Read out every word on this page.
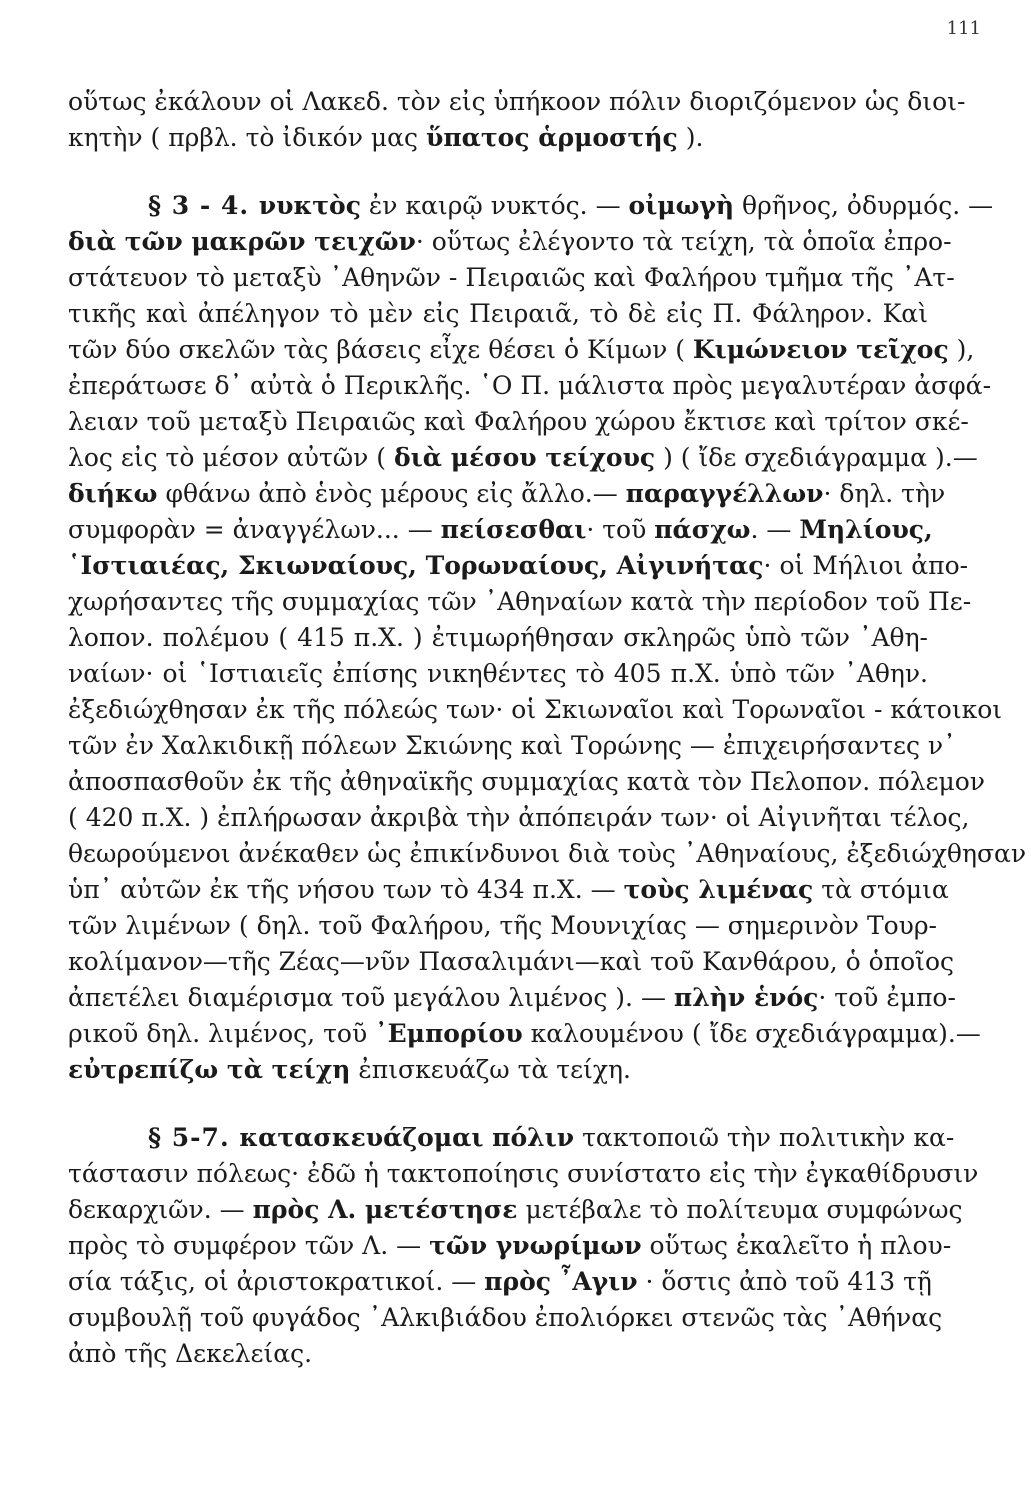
111
οὕτως ἐκάλουν οἱ Λακεδ. τὸν εἰς ὑπήκοον πόλιν διοριζόμενον ὡς διοι-
κητὴν ( πρβλ. τὸ ἰδικόν μας ὕπατος ἁρμοστής ).
§ 3 - 4. νυκτὸς ἐν καιρῷ νυκτός. — οἰμωγὴ θρῆνος, ὀδυρμός. —
διὰ τῶν μακρῶν τειχῶν· οὕτως ἐλέγοντο τὰ τείχη, τὰ ὁποῖα ἐπρο-
στάτευον τὸ μεταξὺ ᾿Αθηνῶν - Πειραιῶς καὶ Φαλήρου τμῆμα τῆς ᾿Ατ-
τικῆς καὶ ἀπέληγον τὸ μὲν εἰς Πειραιᾶ, τὸ δὲ εἰς Π. Φάληρον. Καὶ
τῶν δύο σκελῶν τὰς βάσεις εἶχε θέσει ὁ Κίμων ( Κιμώνειον τεῖχος ),
ἐπεράτωσε δ᾿ αὐτὰ ὁ Περικλῆς. ῾Ο Π. μάλιστα πρὸς μεγαλυτέραν ἀσφά-
λειαν τοῦ μεταξὺ Πειραιῶς καὶ Φαλήρου χώρου ἔκτισε καὶ τρίτον σκέ-
λος εἰς τὸ μέσον αὐτῶν ( διὰ μέσου τείχους ) ( ἴδε σχεδιάγραμμα ).—
διήκω φθάνω ἀπὸ ἑνὸς μέρους εἰς ἄλλο.— παραγγέλλων· δηλ. τὴν
συμφορὰν = ἀναγγέλων... — πείσεσθαι· τοῦ πάσχω. — Μηλίους,
῾Ιστιαιέας, Σκιωναίους, Τορωναίους, Αἰγινήτας· οἱ Μήλιοι ἀπο-
χωρήσαντες τῆς συμμαχίας τῶν ᾿Αθηναίων κατὰ τὴν περίοδον τοῦ Πε-
λοπον. πολέμου ( 415 π.Χ. ) ἐτιμωρήθησαν σκληρῶς ὑπὸ τῶν ᾿Αθη-
ναίων· οἱ ῾Ιστιαιεῖς ἐπίσης νικηθέντες τὸ 405 π.Χ. ὑπὸ τῶν ᾿Αθην.
ἐξεδιώχθησαν ἐκ τῆς πόλεώς των· οἱ Σκιωναῖοι καὶ Τορωναῖοι - κάτοικοι
τῶν ἐν Χαλκιδικῇ πόλεων Σκιώνης καὶ Τορώνης — ἐπιχειρήσαντες ν᾿
ἀποσπασθοῦν ἐκ τῆς ἀθηναϊκῆς συμμαχίας κατὰ τὸν Πελοπον. πόλεμον
( 420 π.Χ. ) ἐπλήρωσαν ἀκριβὰ τὴν ἀπόπειράν των· οἱ Αἰγινῆται τέλος,
θεωρούμενοι ἀνέκαθεν ὡς ἐπικίνδυνοι διὰ τοὺς ᾿Αθηναίους, ἐξεδιώχθησαν
ὑπ᾿ αὐτῶν ἐκ τῆς νήσου των τὸ 434 π.Χ. — τοὺς λιμένας τὰ στόμια
τῶν λιμένων ( δηλ. τοῦ Φαλήρου, τῆς Μουνιχίας — σημερινὸν Τουρ-
κολίμανον—τῆς Ζέας—νῦν Πασαλιμάνι—καὶ τοῦ Κανθάρου, ὁ ὁποῖος
ἀπετέλει διαμέρισμα τοῦ μεγάλου λιμένος ). — πλὴν ἑνός· τοῦ ἐμπο-
ρικοῦ δηλ. λιμένος, τοῦ ᾿Εμπορίου καλουμένου ( ἴδε σχεδιάγραμμα).—
εὐτρεπίζω τὰ τείχη ἐπισκευάζω τὰ τείχη.
§ 5-7. κατασκευάζομαι πόλιν τακτοποιῶ τὴν πολιτικὴν κα-
τάστασιν πόλεως· ἐδῶ ἡ τακτοποίησις συνίστατο εἰς τὴν ἐγκαθίδρυσιν
δεκαρχιῶν. — πρὸς Λ. μετέστησε μετέβαλε τὸ πολίτευμα συμφώνως
πρὸς τὸ συμφέρον τῶν Λ. — τῶν γνωρίμων οὕτως ἐκαλεῖτο ἡ πλου-
σία τάξις, οἱ ἀριστοκρατικοί. — πρὸς ῏Αγιν · ὅστις ἀπὸ τοῦ 413 τῇ
συμβουλῇ τοῦ φυγάδος ᾿Αλκιβιάδου ἐπολιόρκει στενῶς τὰς ᾿Αθήνας
ἀπὸ τῆς Δεκελείας.
